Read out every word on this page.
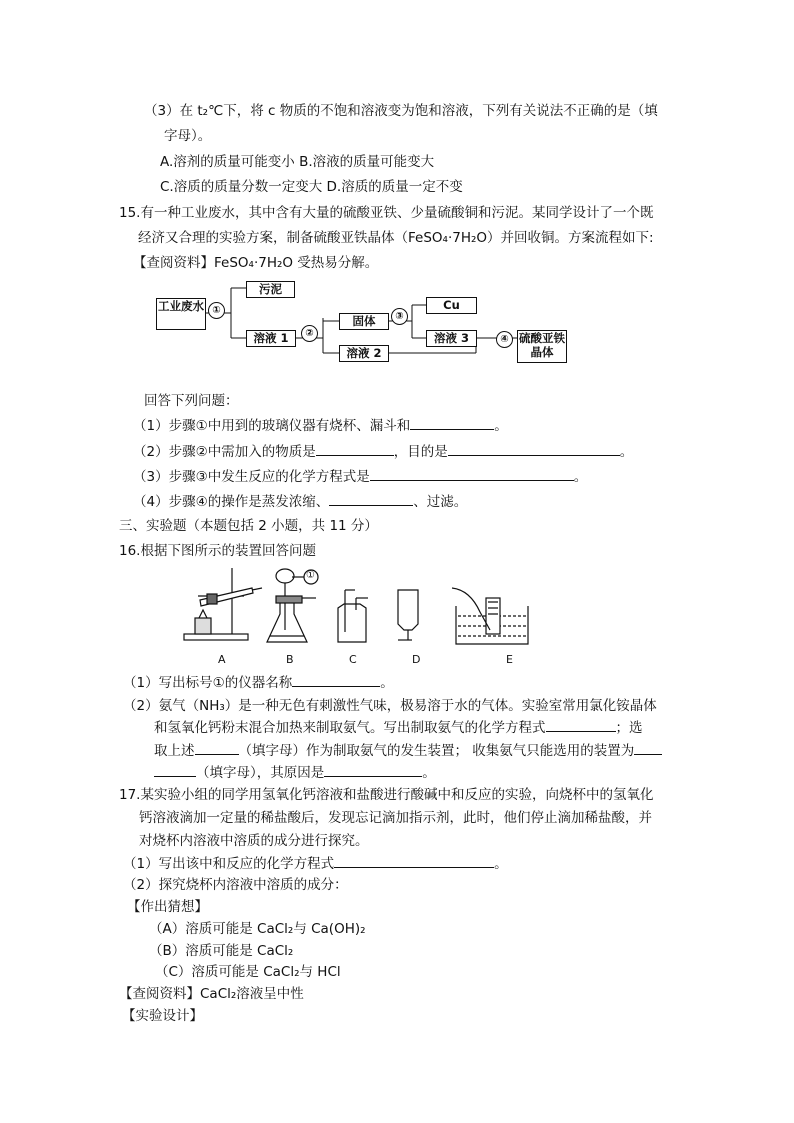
（3）在 t₂℃下，将 c 物质的不饱和溶液变为饱和溶液，下列有关说法不正确的是（填
字母）。
A.溶剂的质量可能变小 B.溶液的质量可能变大
C.溶质的质量分数一定变大 D.溶质的质量一定不变
15.有一种工业废水，其中含有大量的硫酸亚铁、少量硫酸铜和污泥。某同学设计了一个既
经济又合理的实验方案，制备硫酸亚铁晶体（FeSO₄·7H₂O）并回收铜。方案流程如下:
【查阅资料】FeSO₄·7H₂O 受热易分解。
工业废水 ①
污泥
溶液 1	②
固体
溶液 2
③
Cu
溶液 3	④ 硫酸亚铁晶体
回答下列问题：
（1）步骤①中用到的玻璃仪器有烧杯、漏斗和	。
（2）步骤②中需加入的物质是	，目的是	。
（3）步骤③中发生反应的化学方程式是	。
（4）步骤④的操作是蒸发浓缩、	、过滤。
三、实验题（本题包括 2 小题，共 11 分）
16.根据下图所示的装置回答问题
①
A	B	C	D	E
（1）写出标号①的仪器名称	。
（2）氨气（NH₃）是一种无色有刺激性气味，极易溶于水的气体。实验室常用氯化铵晶体
和氢氧化钙粉末混合加热来制取氨气。写出制取氨气的化学方程式	；选
取上述	（填字母）作为制取氨气的发生装置； 收集氨气只能选用的装置为
（填字母），其原因是	。
17.某实验小组的同学用氢氧化钙溶液和盐酸进行酸碱中和反应的实验，向烧杯中的氢氧化
钙溶液滴加一定量的稀盐酸后，发现忘记滴加指示剂，此时，他们停止滴加稀盐酸，并
对烧杯内溶液中溶质的成分进行探究。
（1）写出该中和反应的化学方程式	。
（2）探究烧杯内溶液中溶质的成分：
【作出猜想】
（A）溶质可能是 CaCl₂与 Ca(OH)₂
（B）溶质可能是 CaCl₂
（C）溶质可能是 CaCl₂与 HCl
【查阅资料】CaCl₂溶液呈中性
【实验设计】
